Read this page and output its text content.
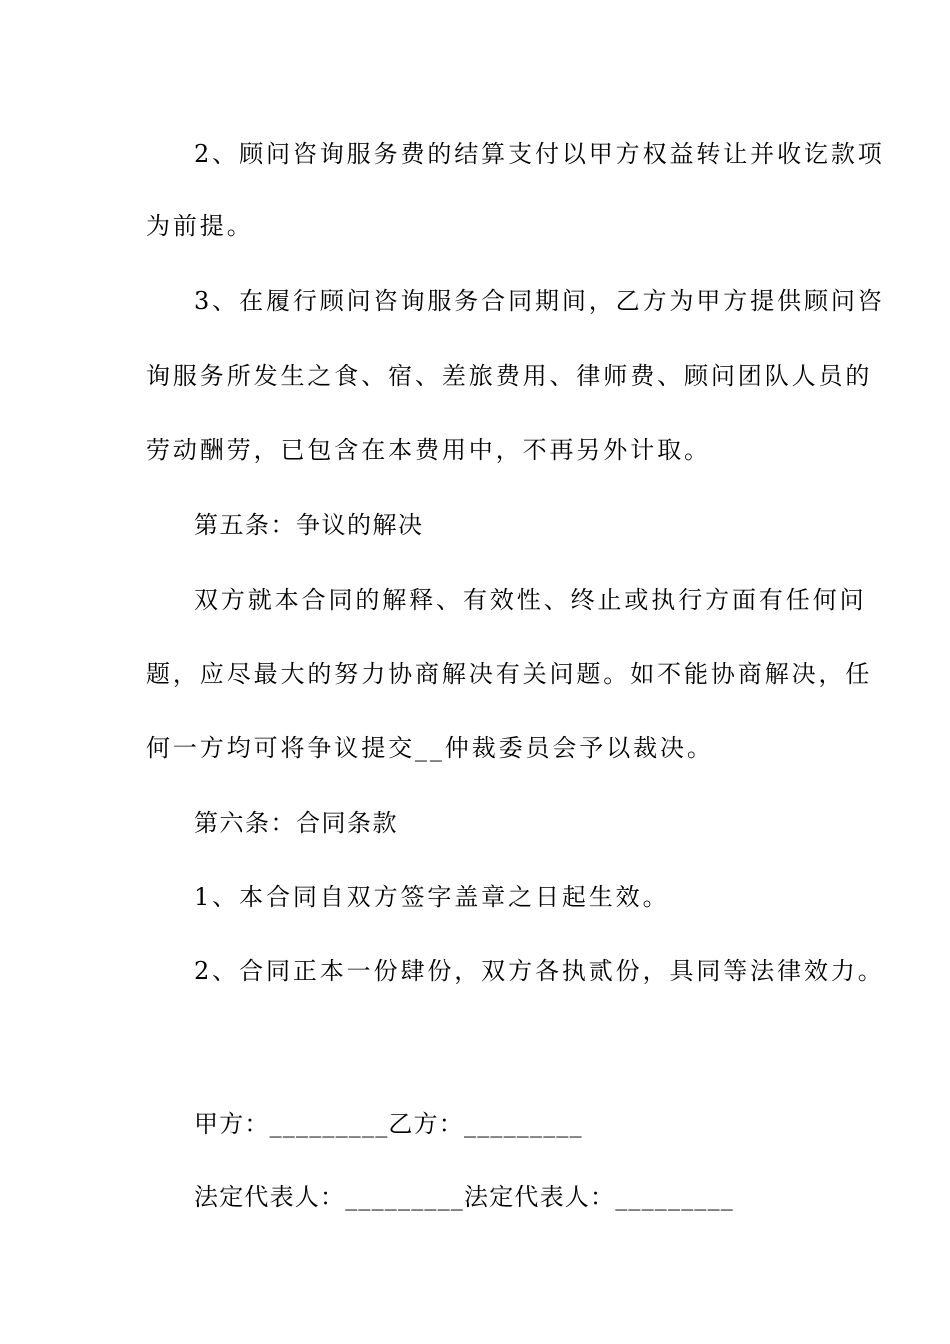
2、顾问咨询服务费的结算支付以甲方权益转让并收讫款项
为前提。
3、在履行顾问咨询服务合同期间，乙方为甲方提供顾问咨
询服务所发生之食、宿、差旅费用、律师费、顾问团队人员的
劳动酬劳，已包含在本费用中，不再另外计取。
第五条：争议的解决
双方就本合同的解释、有效性、终止或执行方面有任何问
题，应尽最大的努力协商解决有关问题。如不能协商解决，任
何一方均可将争议提交__仲裁委员会予以裁决。
第六条：合同条款
1、本合同自双方签字盖章之日起生效。
2、合同正本一份肆份，双方各执贰份，具同等法律效力。
甲方：_________乙方：_________
法定代表人：_________法定代表人：_________
